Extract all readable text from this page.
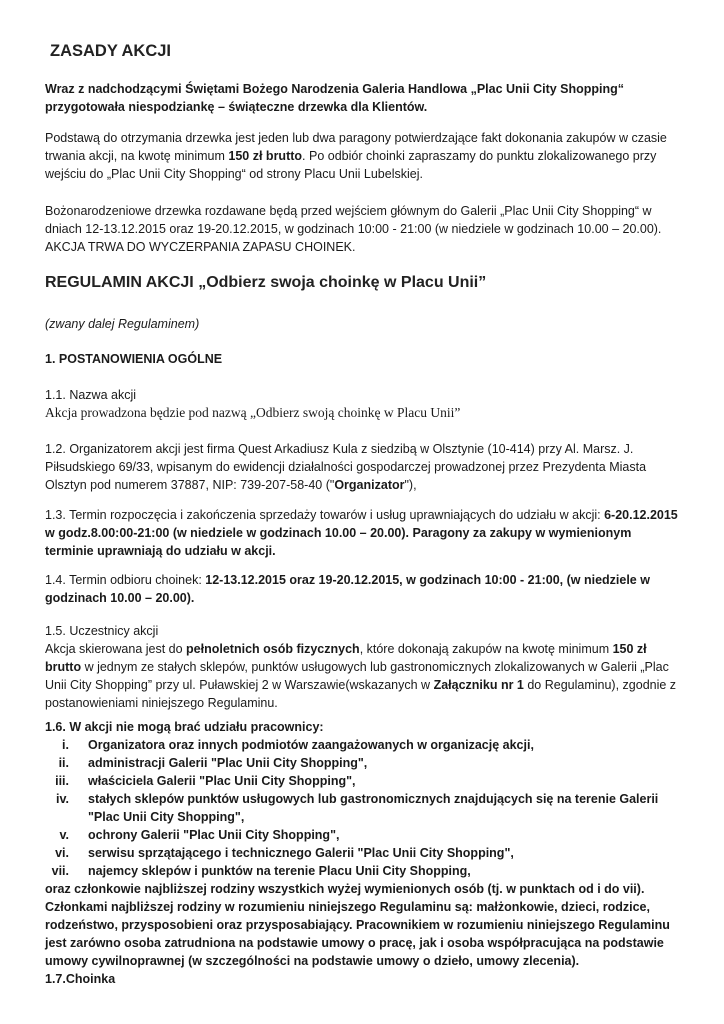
ZASADY AKCJI
Wraz z nadchodzącymi Świętami Bożego Narodzenia Galeria Handlowa „Plac Unii City Shopping“ przygotowała niespodziankę – świąteczne drzewka dla Klientów.
Podstawą do otrzymania drzewka jest jeden lub dwa paragony potwierdzające fakt dokonania zakupów w czasie trwania akcji, na kwotę minimum 150 zł brutto. Po odbiór choinki zapraszamy do punktu zlokalizowanego przy wejściu do „Plac Unii City Shopping“ od strony Placu Unii Lubelskiej.
Bożonarodzeniowe drzewka rozdawane będą przed wejściem głównym do Galerii „Plac Unii City Shopping“ w dniach 12-13.12.2015 oraz 19-20.12.2015, w godzinach 10:00 - 21:00 (w niedziele w godzinach 10.00 – 20.00). AKCJA TRWA DO WYCZERPANIA ZAPASU CHOINEK.
REGULAMIN AKCJI „Odbierz swoja choinkę w Placu Unii”
(zwany dalej Regulaminem)
1. POSTANOWIENIA OGÓLNE
1.1. Nazwa akcji
Akcja prowadzona będzie pod nazwą „Odbierz swoją choinkę w Placu Unii”
1.2. Organizatorem akcji jest firma Quest Arkadiusz Kula z siedzibą w Olsztynie (10-414) przy Al. Marsz. J. Piłsudskiego 69/33, wpisanym do ewidencji działalności gospodarczej prowadzonej przez Prezydenta Miasta Olsztyn pod numerem 37887, NIP: 739-207-58-40 ("Organizator"),
1.3. Termin rozpoczęcia i zakończenia sprzedaży towarów i usług uprawniających do udziału w akcji: 6-20.12.2015 w godz.8.00:00-21:00 (w niedziele w godzinach 10.00 – 20.00). Paragony za zakupy w wymienionym terminie uprawniają do udziału w akcji.
1.4. Termin odbioru choinek: 12-13.12.2015 oraz 19-20.12.2015, w godzinach 10:00 - 21:00, (w niedziele w godzinach 10.00 – 20.00).
1.5. Uczestnicy akcji
Akcja skierowana jest do pełnoletnich osób fizycznych, które dokonają zakupów na kwotę minimum 150 zł brutto w jednym ze stałych sklepów, punktów usługowych lub gastronomicznych zlokalizowanych w Galerii „Plac Unii City Shopping” przy ul. Puławskiej 2 w Warszawie(wskazanych w Załączniku nr 1 do Regulaminu), zgodnie z postanowieniami niniejszego Regulaminu.
1.6. W akcji nie mogą brać udziału pracownicy:
i. Organizatora oraz innych podmiotów zaangażowanych w organizację akcji,
ii. administracji Galerii "Plac Unii City Shopping",
iii. właściciela Galerii "Plac Unii City Shopping",
iv. stałych sklepów punktów usługowych lub gastronomicznych znajdujących się na terenie Galerii "Plac Unii City Shopping",
v. ochrony Galerii "Plac Unii City Shopping",
vi. serwisu sprzątającego i technicznego Galerii "Plac Unii City Shopping",
vii. najemcy sklepów i punktów na terenie Placu Unii City Shopping,
oraz członkowie najbliższej rodziny wszystkich wyżej wymienionych osób (tj. w punktach od i do vii). Członkami najbliższej rodziny w rozumieniu niniejszego Regulaminu są: małżonkowie, dzieci, rodzice, rodzeństwo, przysposobieni oraz przysposabiający. Pracownikiem w rozumieniu niniejszego Regulaminu jest zarówno osoba zatrudniona na podstawie umowy o pracę, jak i osoba współpracująca na podstawie umowy cywilnoprawnej (w szczególności na podstawie umowy o dzieło, umowy zlecenia).
1.7.Choinka
